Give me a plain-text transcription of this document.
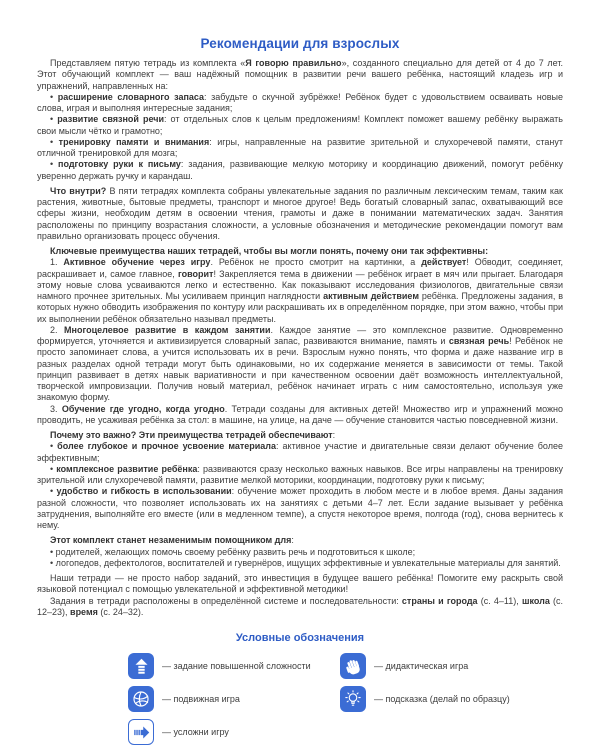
Рекомендации для взрослых

Представляем пятую тетрадь из комплекта «Я говорю правильно», созданного специально для детей от 4 до 7 лет. Этот обучающий комплект — ваш надёжный помощник в развитии речи вашего ребёнка, настоящий кладезь игр и упражнений, направленных на:

• расширение словарного запаса: забудьте о скучной зубрёжке! Ребёнок будет с удовольствием осваивать новые слова, играя и выполняя интересные задания;

• развитие связной речи: от отдельных слов к целым предложениям! Комплект поможет вашему ребёнку выражать свои мысли чётко и грамотно;

• тренировку памяти и внимания: игры, направленные на развитие зрительной и слухоречевой памяти, станут отличной тренировкой для мозга;

• подготовку руки к письму: задания, развивающие мелкую моторику и координацию движений, помогут ребёнку уверенно держать ручку и карандаш.

Что внутри? В пяти тетрадях комплекта собраны увлекательные задания по различным лексическим темам, таким как растения, животные, бытовые предметы, транспорт и многое другое! Ведь богатый словарный запас, охватывающий все сферы жизни, необходим детям в освоении чтения, грамоты и даже в понимании математических задач. Занятия расположены по принципу возрастания сложности, а условные обозначения и методические рекомендации помогут вам правильно организовать процесс обучения.

Ключевые преимущества наших тетрадей, чтобы вы могли понять, почему они так эффективны:

1. Активное обучение через игру. Ребёнок не просто смотрит на картинки, а действует! Обводит, соединяет, раскрашивает и, самое главное, говорит! Закрепляется тема в движении — ребёнок играет в мяч или прыгает. Благодаря этому новые слова усваиваются легко и естественно. Как показывают исследования физиологов, двигательные связи намного прочнее зрительных. Мы усиливаем принцип наглядности активным действием ребёнка. Предложены задания, в которых нужно обводить изображения по контуру или раскрашивать их в определённом порядке, при этом важно, чтобы при их выполнении ребёнок обязательно называл предметы.

2. Многоцелевое развитие в каждом занятии. Каждое занятие — это комплексное развитие. Одновременно формируется, уточняется и активизируется словарный запас, развиваются внимание, память и связная речь! Ребёнок не просто запоминает слова, а учится использовать их в речи. Взрослым нужно понять, что форма и даже название игр в разных разделах одной тетради могут быть одинаковыми, но их содержание меняется в зависимости от темы. Такой принцип развивает в детях навык вариативности и при качественном освоении даёт возможность интеллектуальной, творческой импровизации. Получив новый материал, ребёнок начинает играть с ним самостоятельно, используя уже знакомую форму.

3. Обучение где угодно, когда угодно. Тетради созданы для активных детей! Множество игр и упражнений можно проводить, не усаживая ребёнка за стол: в машине, на улице, на даче — обучение становится частью повседневной жизни.

Почему это важно? Эти преимущества тетрадей обеспечивают:

• более глубокое и прочное усвоение материала: активное участие и двигательные связи делают обучение более эффективным;

• комплексное развитие ребёнка: развиваются сразу несколько важных навыков. Все игры направлены на тренировку зрительной или слухоречевой памяти, развитие мелкой моторики, координации, подготовку руки к письму;

• удобство и гибкость в использовании: обучение может проходить в любом месте и в любое время. Даны задания разной сложности, что позволяет использовать их на занятиях с детьми 4–7 лет. Если задание вызывает у ребёнка затруднения, выполняйте его вместе (или в медленном темпе), а спустя некоторое время, полгода (год), снова вернитесь к нему.

Этот комплект станет незаменимым помощником для:

• родителей, желающих помочь своему ребёнку развить речь и подготовиться к школе;

• логопедов, дефектологов, воспитателей и гувернёров, ищущих эффективные и увлекательные материалы для занятий.

Наши тетради — не просто набор заданий, это инвестиция в будущее вашего ребёнка! Помогите ему раскрыть свой языковой потенциал с помощью увлекательной и эффективной методики!

Задания в тетради расположены в определённой системе и последовательности: страны и города (с. 4–11), школа (с. 12–23), время (с. 24–32).

Условные обозначения
— задание повышенной сложности
— подвижная игра
— усложни игру
— дидактическая игра
— подсказка (делай по образцу)
